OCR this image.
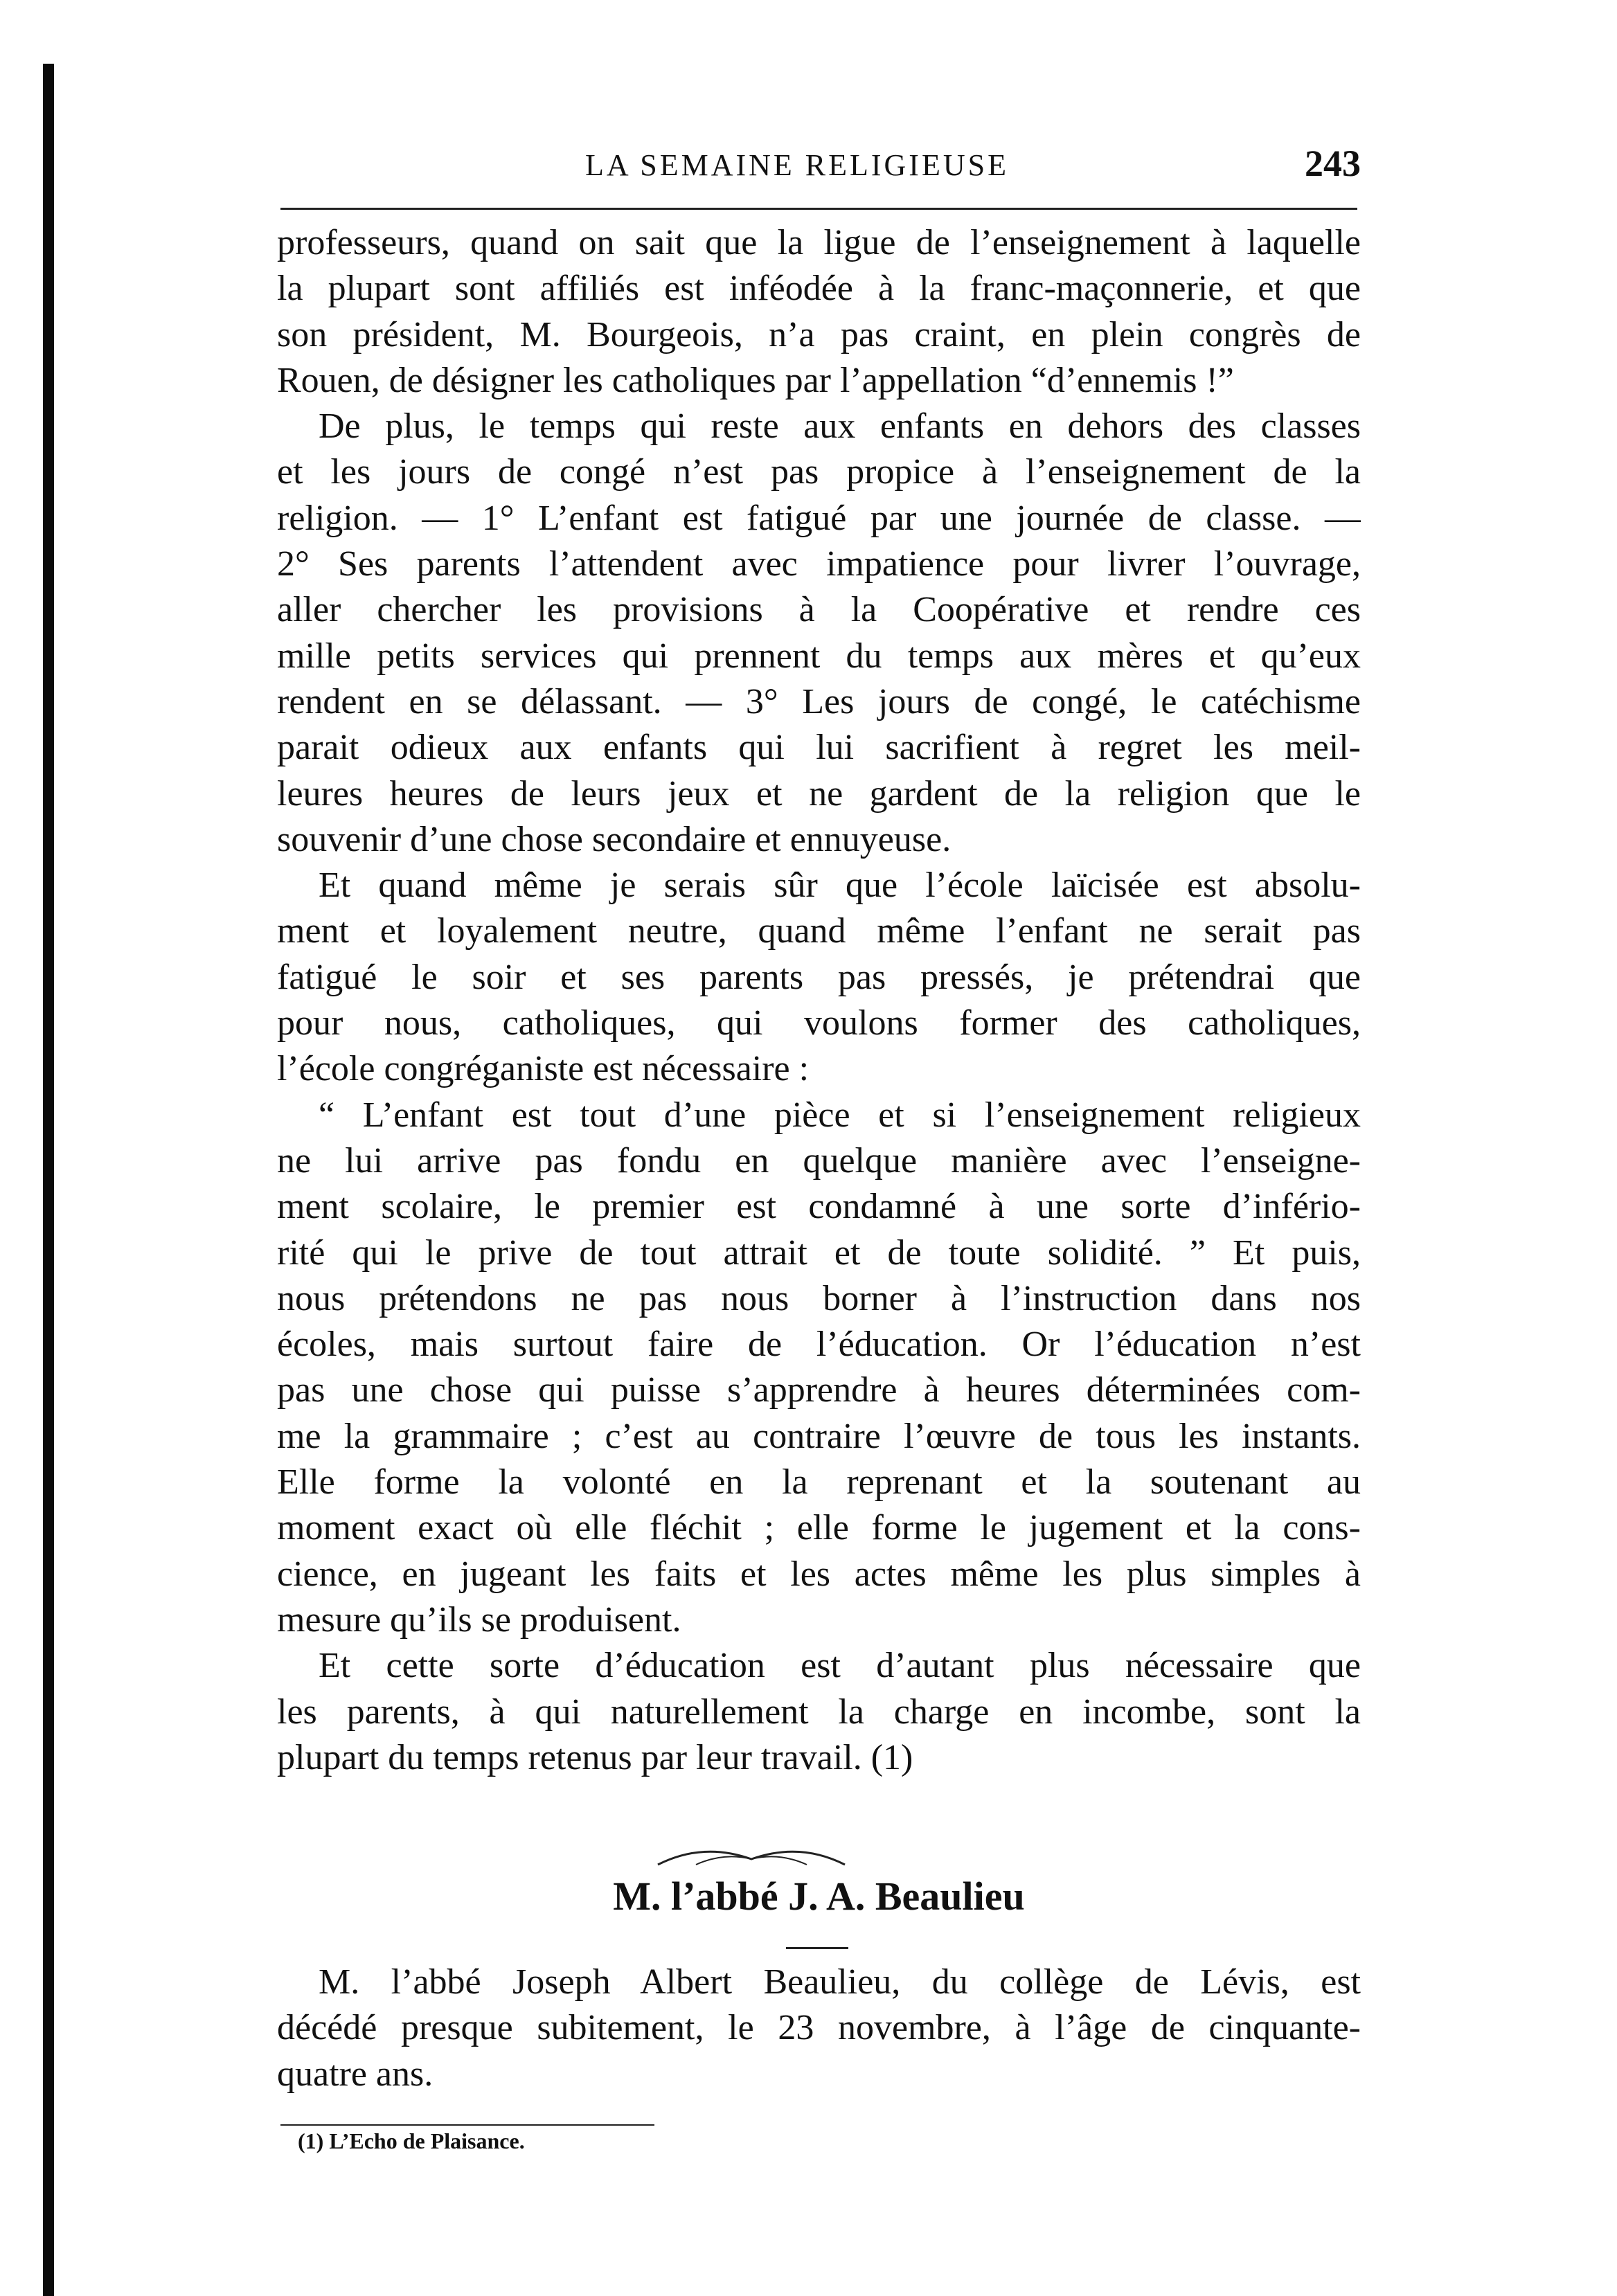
LA SEMAINE RELIGIEUSE	243
professeurs, quand on sait que la ligue de l’enseignement à laquelle
la plupart sont affiliés est inféodée à la franc-maçonnerie, et que
son président, M. Bourgeois, n’a pas craint, en plein congrès de
Rouen, de désigner les catholiques par l’appellation “d’ennemis !”
De plus, le temps qui reste aux enfants en dehors des classes
et les jours de congé n’est pas propice à l’enseignement de la
religion. — 1° L’enfant est fatigué par une journée de classe. —
2° Ses parents l’attendent avec impatience pour livrer l’ouvrage,
aller chercher les provisions à la Coopérative et rendre ces
mille petits services qui prennent du temps aux mères et qu’eux
rendent en se délassant. — 3° Les jours de congé, le catéchisme
parait odieux aux enfants qui lui sacrifient à regret les meil-
leures heures de leurs jeux et ne gardent de la religion que le
souvenir d’une chose secondaire et ennuyeuse.
Et quand même je serais sûr que l’école laïcisée est absolu-
ment et loyalement neutre, quand même l’enfant ne serait pas
fatigué le soir et ses parents pas pressés, je prétendrai que
pour nous, catholiques, qui voulons former des catholiques,
l’école congréganiste est nécessaire :
“ L’enfant est tout d’une pièce et si l’enseignement religieux
ne lui arrive pas fondu en quelque manière avec l’enseigne-
ment scolaire, le premier est condamné à une sorte d’infério-
rité qui le prive de tout attrait et de toute solidité. ” Et puis,
nous prétendons ne pas nous borner à l’instruction dans nos
écoles, mais surtout faire de l’éducation. Or l’éducation n’est
pas une chose qui puisse s’apprendre à heures déterminées com-
me la grammaire ; c’est au contraire l’œuvre de tous les instants.
Elle forme la volonté en la reprenant et la soutenant au
moment exact où elle fléchit ; elle forme le jugement et la cons-
cience, en jugeant les faits et les actes même les plus simples à
mesure qu’ils se produisent.
Et cette sorte d’éducation est d’autant plus nécessaire que
les parents, à qui naturellement la charge en incombe, sont la
plupart du temps retenus par leur travail. (1)
M. l’abbé J. A. Beaulieu
M. l’abbé Joseph Albert Beaulieu, du collège de Lévis, est
décédé presque subitement, le 23 novembre, à l’âge de cinquante-
quatre ans.
(1) L’Echo de Plaisance.
